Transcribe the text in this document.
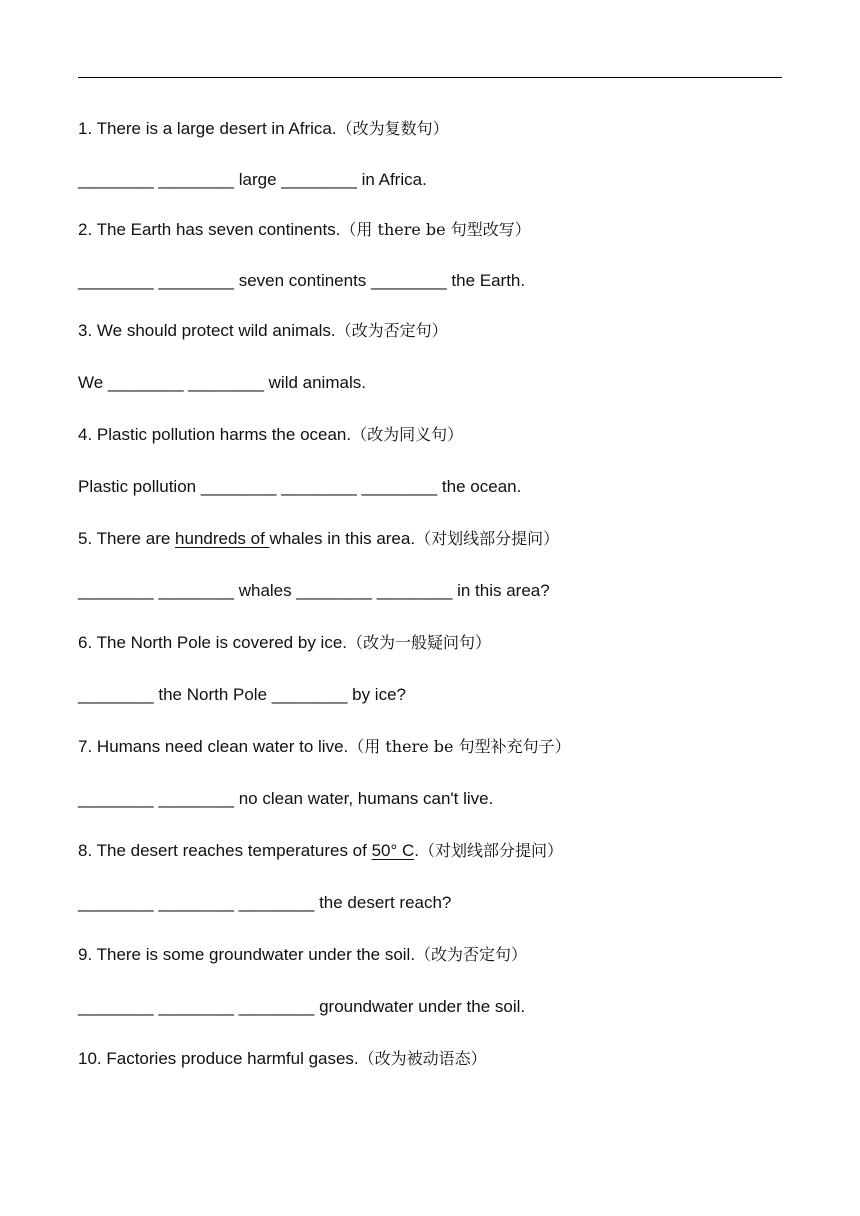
1. There is a large desert in Africa.（改为复数句）
________ ________ large ________ in Africa.
2. The Earth has seven continents.（用 there be 句型改写）
________ ________ seven continents ________ the Earth.
3. We should protect wild animals.（改为否定句）
We ________ ________ wild animals.
4. Plastic pollution harms the ocean.（改为同义句）
Plastic pollution ________ ________ ________ the ocean.
5. There are hundreds of whales in this area.（对划线部分提问）
________ ________ whales ________ ________ in this area?
6. The North Pole is covered by ice.（改为一般疑问句）
________ the North Pole ________ by ice?
7. Humans need clean water to live.（用 there be 句型补充句子）
________ ________ no clean water, humans can't live.
8. The desert reaches temperatures of 50° C.（对划线部分提问）
________ ________ ________ the desert reach?
9. There is some groundwater under the soil.（改为否定句）
________ ________ ________ groundwater under the soil.
10. Factories produce harmful gases.（改为被动语态）
